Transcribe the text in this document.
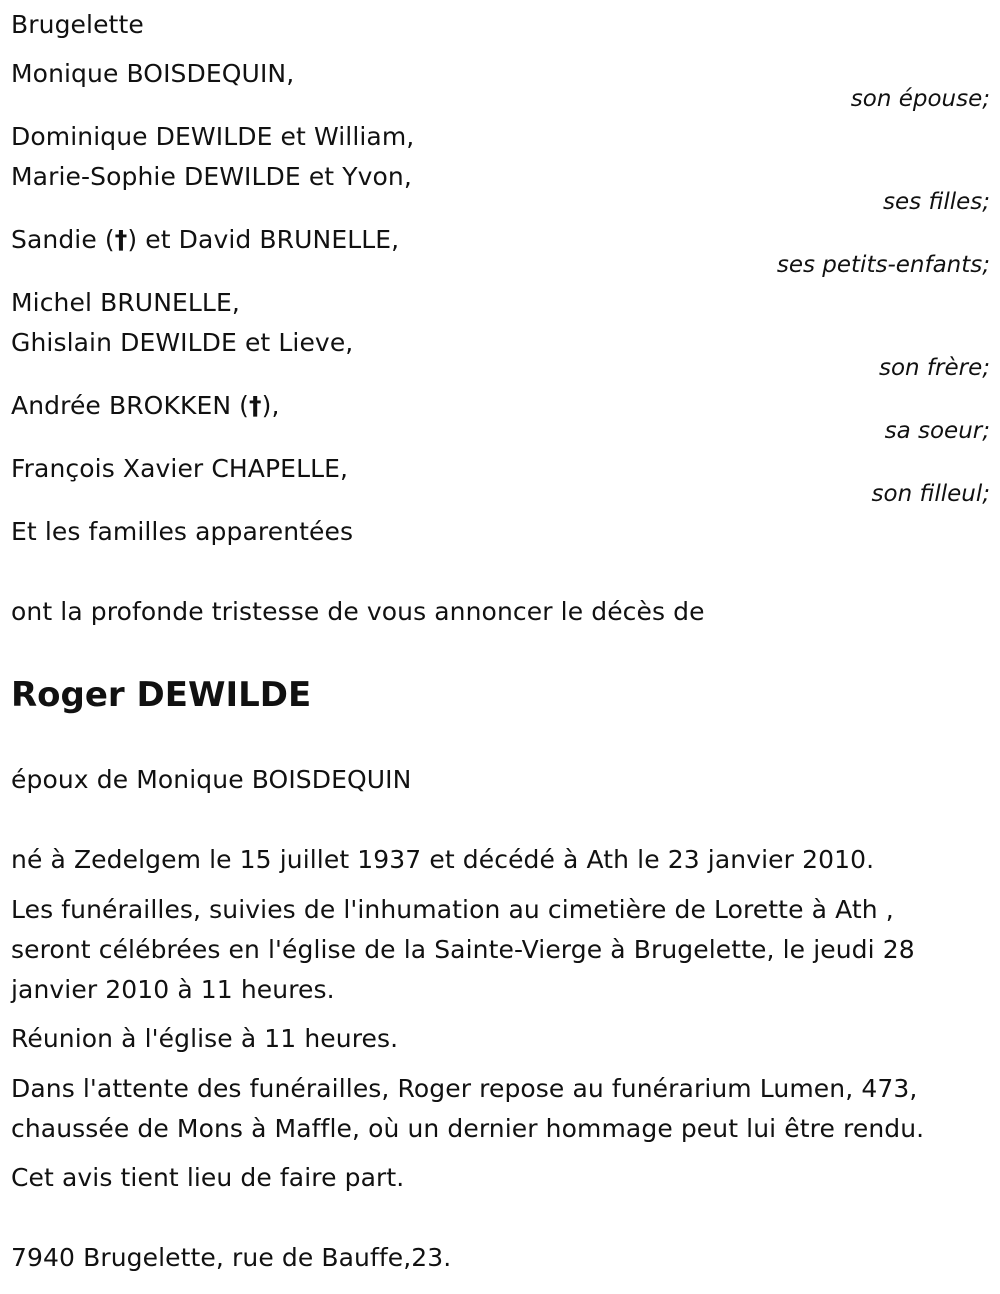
Brugelette

Monique BOISDEQUIN,

son épouse;

Dominique DEWILDE et William,

Marie-Sophie DEWILDE et Yvon,

ses filles;

Sandie (†) et David BRUNELLE,

ses petits-enfants;

Michel BRUNELLE,

Ghislain DEWILDE et Lieve,

son frère;

Andrée BROKKEN (†),

sa soeur;

François Xavier CHAPELLE,

son filleul;

Et les familles apparentées

ont la profonde tristesse de vous annoncer le décès de

Roger DEWILDE

époux de Monique BOISDEQUIN

né à Zedelgem le 15 juillet 1937 et décédé à Ath le 23 janvier 2010.

Les funérailles, suivies de l'inhumation au cimetière de Lorette à Ath ,

seront célébrées en l'église de la Sainte-Vierge à Brugelette, le jeudi 28

janvier 2010 à 11 heures.

Réunion à l'église à 11 heures.

Dans l'attente des funérailles, Roger repose au funérarium Lumen, 473,

chaussée de Mons à Maffle, où un dernier hommage peut lui être rendu.

Cet avis tient lieu de faire part.

7940 Brugelette, rue de Bauffe,23.
